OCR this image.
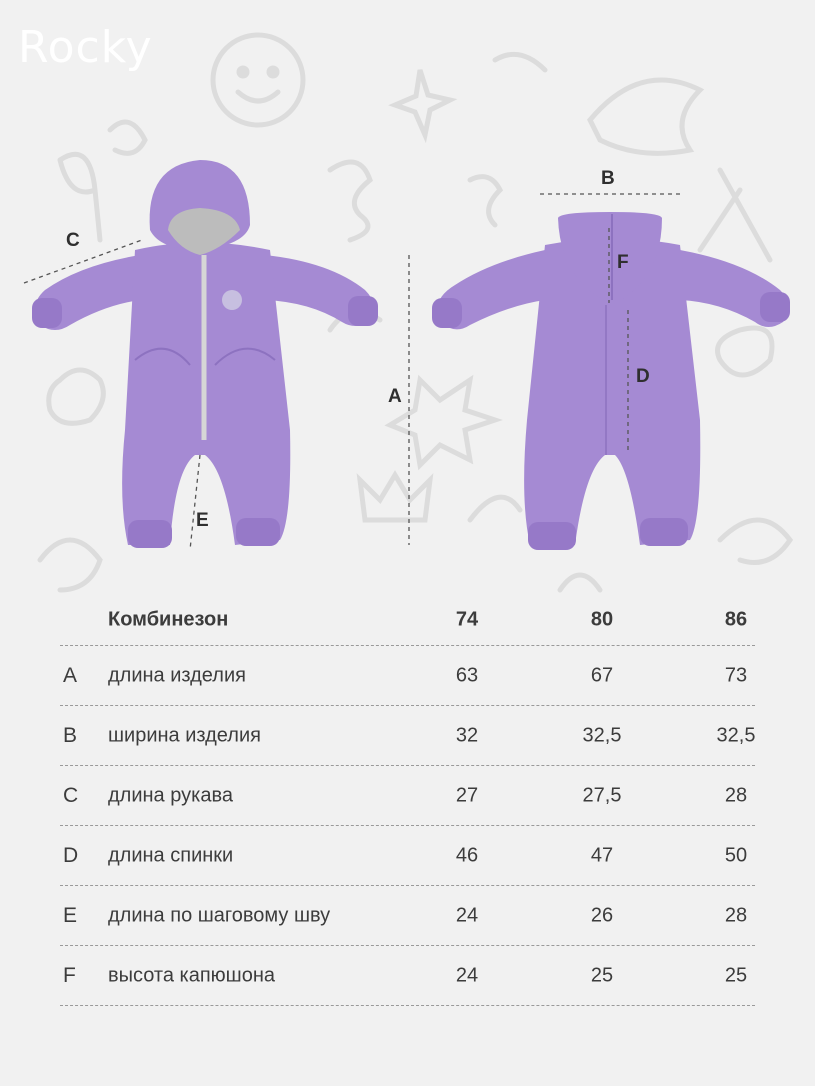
Rocky
C
B
A
F
D
E
Комбинезон	74	80	86
A длина изделия	63	67	73
B ширина изделия	32	32,5	32,5
C длина рукава	27	27,5	28
D длина спинки	46	47	50
E длина по шаговому шву	24	26	28
F высота капюшона	24	25	25
